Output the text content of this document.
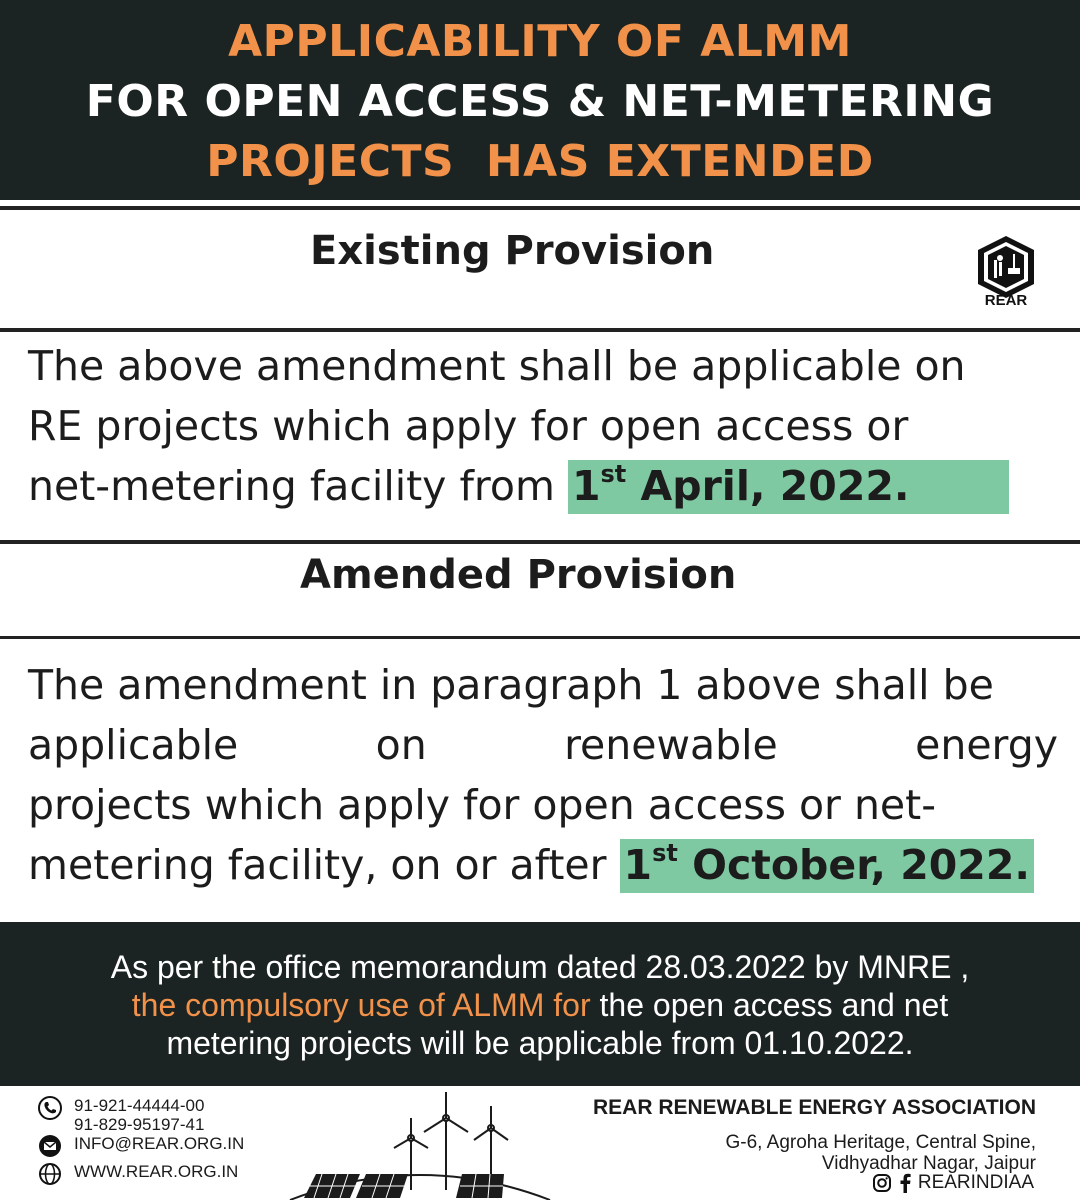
APPLICABILITY OF ALMM
FOR OPEN ACCESS & NET-METERING
PROJECTS  HAS EXTENDED
Existing Provision
REAR
The above amendment shall be applicable on
RE projects which apply for open access or
net-metering facility from 1st April, 2022.
Amended Provision
The amendment in paragraph 1 above shall be
applicable	on	renewable	energy
projects which apply for open access or net-
metering facility, on or after 1st October, 2022.
As per the office memorandum dated 28.03.2022 by MNRE ,
the compulsory use of ALMM for the open access and net
metering projects will be applicable from 01.10.2022.
91-921-44444-00
91-829-95197-41
INFO@REAR.ORG.IN
WWW.REAR.ORG.IN
REAR RENEWABLE ENERGY ASSOCIATION
G-6, Agroha Heritage, Central Spine,
Vidhyadhar Nagar, Jaipur
REARINDIAA
